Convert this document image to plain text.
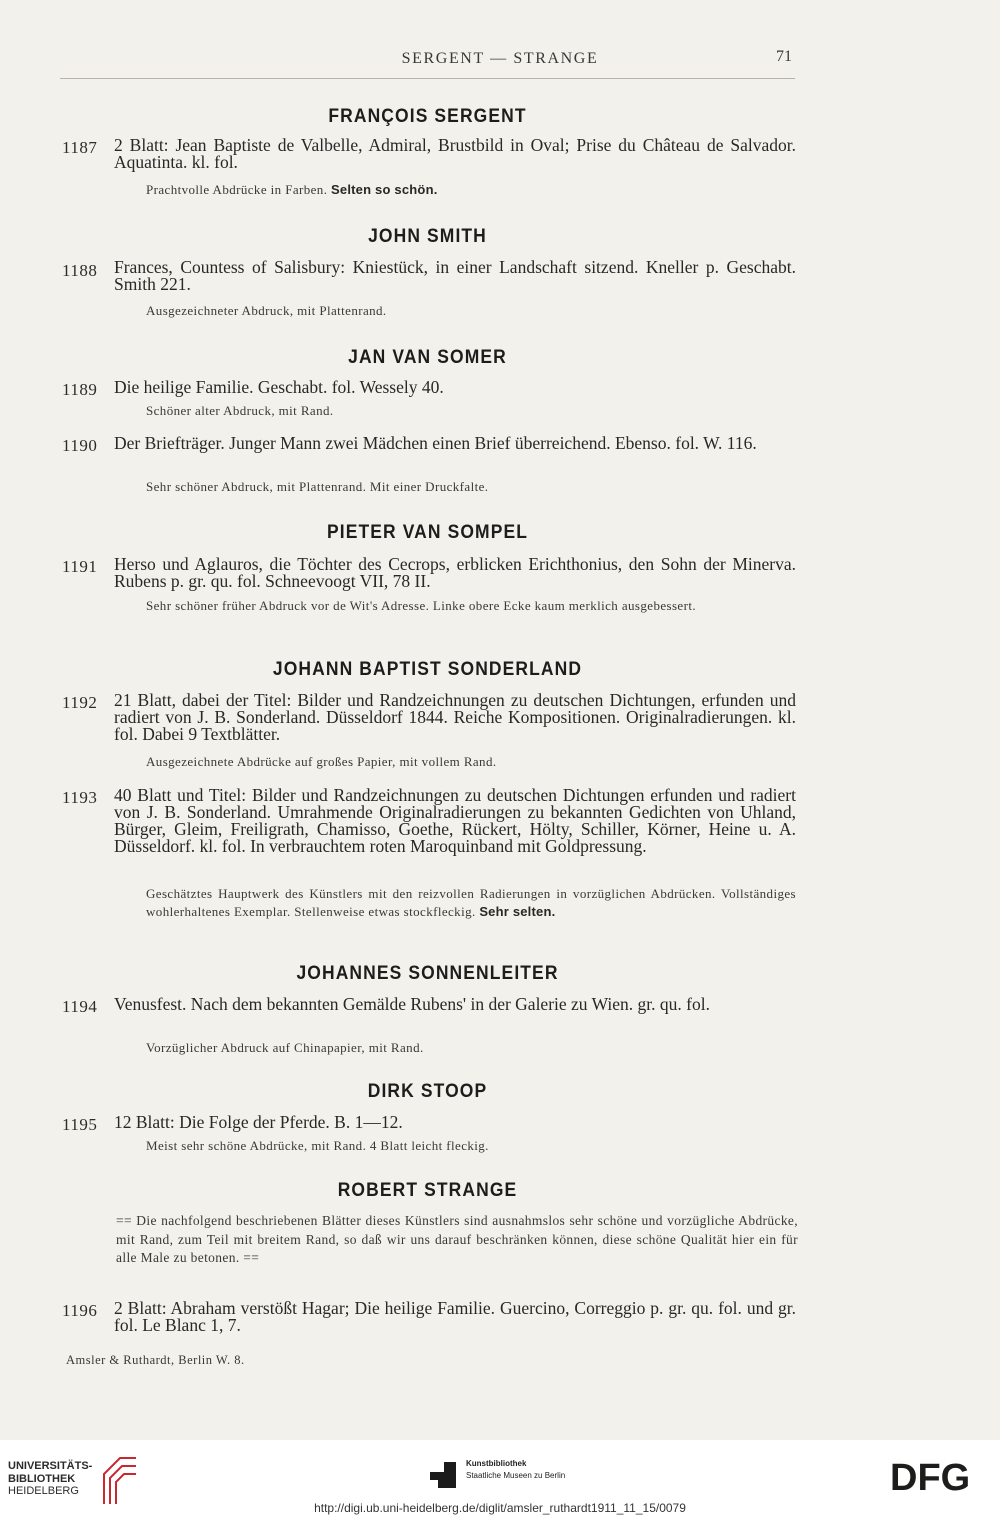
SERGENT — STRANGE	71
FRANÇOIS SERGENT
1187 2 Blatt: Jean Baptiste de Valbelle, Admiral, Brustbild in Oval; Prise du Château de Salvador. Aquatinta. kl. fol.
Prachtvolle Abdrücke in Farben. Selten so schön.
JOHN SMITH
1188 Frances, Countess of Salisbury: Kniestück, in einer Landschaft sitzend. Kneller p. Geschabt. Smith 221.
Ausgezeichneter Abdruck, mit Plattenrand.
JAN VAN SOMER
1189 Die heilige Familie. Geschabt. fol. Wessely 40.
Schöner alter Abdruck, mit Rand.
1190 Der Briefträger. Junger Mann zwei Mädchen einen Brief überreichend. Ebenso. fol. W. 116.
Sehr schöner Abdruck, mit Plattenrand. Mit einer Druckfalte.
PIETER VAN SOMPEL
1191 Herso und Aglauros, die Töchter des Cecrops, erblicken Erichthonius, den Sohn der Minerva. Rubens p. gr. qu. fol. Schneevoogt VII, 78 II.
Sehr schöner früher Abdruck vor de Wit's Adresse. Linke obere Ecke kaum merklich ausgebessert.
JOHANN BAPTIST SONDERLAND
1192 21 Blatt, dabei der Titel: Bilder und Randzeichnungen zu deutschen Dichtungen, erfunden und radiert von J. B. Sonderland. Düsseldorf 1844. Reiche Kompositionen. Originalradierungen. kl. fol. Dabei 9 Textblätter.
Ausgezeichnete Abdrücke auf großes Papier, mit vollem Rand.
1193 40 Blatt und Titel: Bilder und Randzeichnungen zu deutschen Dichtungen erfunden und radiert von J. B. Sonderland. Umrahmende Originalradierungen zu bekannten Gedichten von Uhland, Bürger, Gleim, Freiligrath, Chamisso, Goethe, Rückert, Hölty, Schiller, Körner, Heine u. A. Düsseldorf. kl. fol. In verbrauchtem roten Maroquinband mit Goldpressung.
Geschätztes Hauptwerk des Künstlers mit den reizvollen Radierungen in vorzüglichen Abdrücken. Vollständiges wohlerhaltenes Exemplar. Stellenweise etwas stockfleckig. Sehr selten.
JOHANNES SONNENLEITER
1194 Venusfest. Nach dem bekannten Gemälde Rubens' in der Galerie zu Wien. gr. qu. fol.
Vorzüglicher Abdruck auf Chinapapier, mit Rand.
DIRK STOOP
1195 12 Blatt: Die Folge der Pferde. B. 1—12.
Meist sehr schöne Abdrücke, mit Rand. 4 Blatt leicht fleckig.
ROBERT STRANGE
== Die nachfolgend beschriebenen Blätter dieses Künstlers sind ausnahmslos sehr schöne und vorzügliche Abdrücke, mit Rand, zum Teil mit breitem Rand, so daß wir uns darauf beschränken können, diese schöne Qualität hier ein für alle Male zu betonen. ==
1196 2 Blatt: Abraham verstößt Hagar; Die heilige Familie. Guercino, Correggio p. gr. qu. fol. und gr. fol. Le Blanc 1, 7.
Amsler & Ruthardt, Berlin W. 8.
UNIVERSITÄTS-
BIBLIOTHEK
HEIDELBERG
Kunstbibliothek
Staatliche Museen zu Berlin	DFG
http://digi.ub.uni-heidelberg.de/diglit/amsler_ruthardt1911_11_15/0079
